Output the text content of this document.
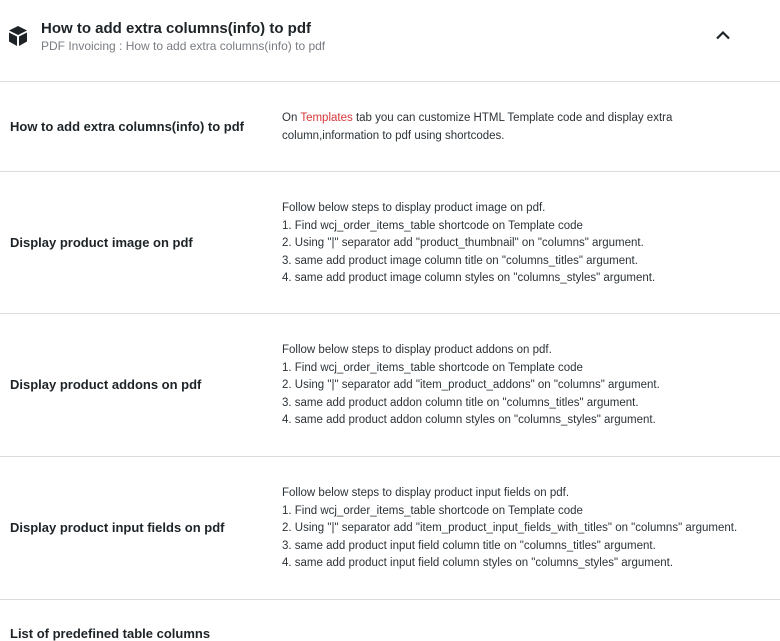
How to add extra columns(info) to pdf
PDF Invoicing : How to add extra columns(info) to pdf
How to add extra columns(info) to pdf
On Templates tab you can customize HTML Template code and display extra
column,information to pdf using shortcodes.
Display product image on pdf
Follow below steps to display product image on pdf.
1. Find wcj_order_items_table shortcode on Template code
2. Using "|" separator add "product_thumbnail" on "columns" argument.
3. same add product image column title on "columns_titles" argument.
4. same add product image column styles on "columns_styles" argument.
Display product addons on pdf
Follow below steps to display product addons on pdf.
1. Find wcj_order_items_table shortcode on Template code
2. Using "|" separator add "item_product_addons" on "columns" argument.
3. same add product addon column title on "columns_titles" argument.
4. same add product addon column styles on "columns_styles" argument.
Display product input fields on pdf
Follow below steps to display product input fields on pdf.
1. Find wcj_order_items_table shortcode on Template code
2. Using "|" separator add "item_product_input_fields_with_titles" on "columns" argument.
3. same add product input field column title on "columns_titles" argument.
4. same add product input field column styles on "columns_styles" argument.
List of predefined table columns
